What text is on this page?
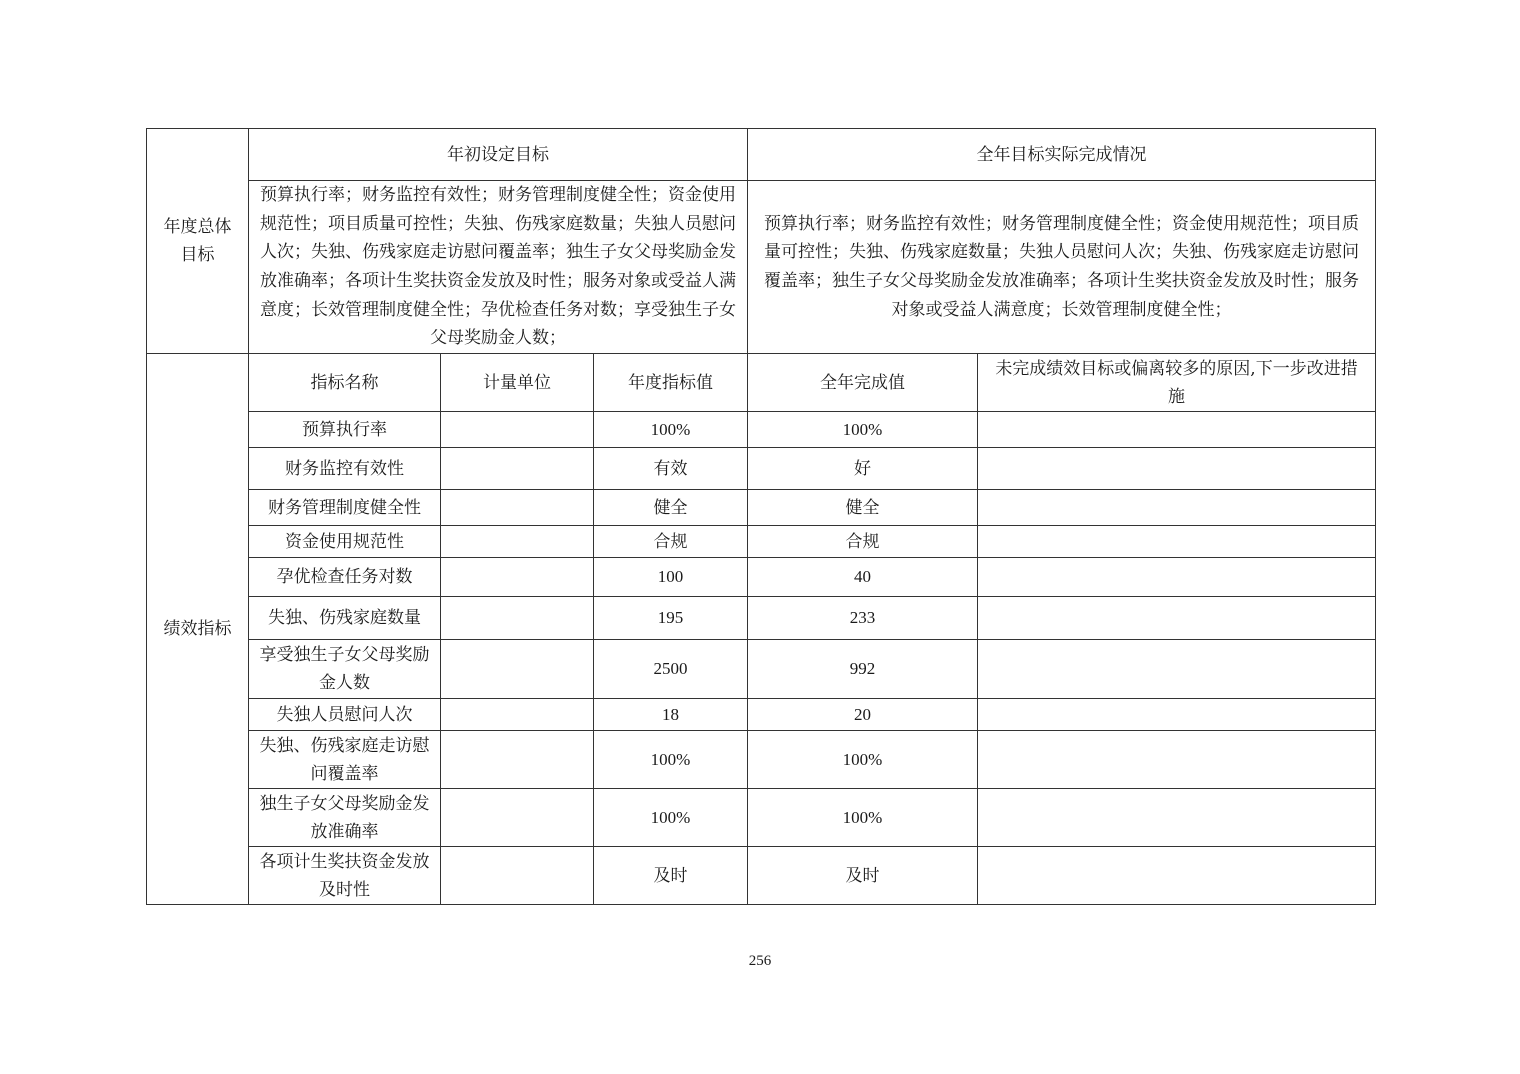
年度总体目标	年初设定目标			全年目标实际完成情况	
	预算执行率；财务监控有效性；财务管理制度健全性；资金使用规范性；项目质量可控性；失独、伤残家庭数量；失独人员慰问人次；失独、伤残家庭走访慰问覆盖率；独生子女父母奖励金发放准确率；各项计生奖扶资金发放及时性；服务对象或受益人满意度；长效管理制度健全性；孕优检查任务对数；享受独生子女父母奖励金人数；			预算执行率；财务监控有效性；财务管理制度健全性；资金使用规范性；项目质量可控性；失独、伤残家庭数量；失独人员慰问人次；失独、伤残家庭走访慰问覆盖率；独生子女父母奖励金发放准确率；各项计生奖扶资金发放及时性；服务对象或受益人满意度；长效管理制度健全性；	
绩效指标	指标名称	计量单位	年度指标值	全年完成值	未完成绩效目标或偏离较多的原因,下一步改进措施
	预算执行率		100%	100%	
	财务监控有效性		有效	好	
	财务管理制度健全性		健全	健全	
	资金使用规范性		合规	合规	
	孕优检查任务对数		100	40	
	失独、伤残家庭数量		195	233	
	享受独生子女父母奖励金人数		2500	992	
	失独人员慰问人次		18	20	
	失独、伤残家庭走访慰问覆盖率		100%	100%	
	独生子女父母奖励金发放准确率		100%	100%	
	各项计生奖扶资金发放及时性		及时	及时	
256
